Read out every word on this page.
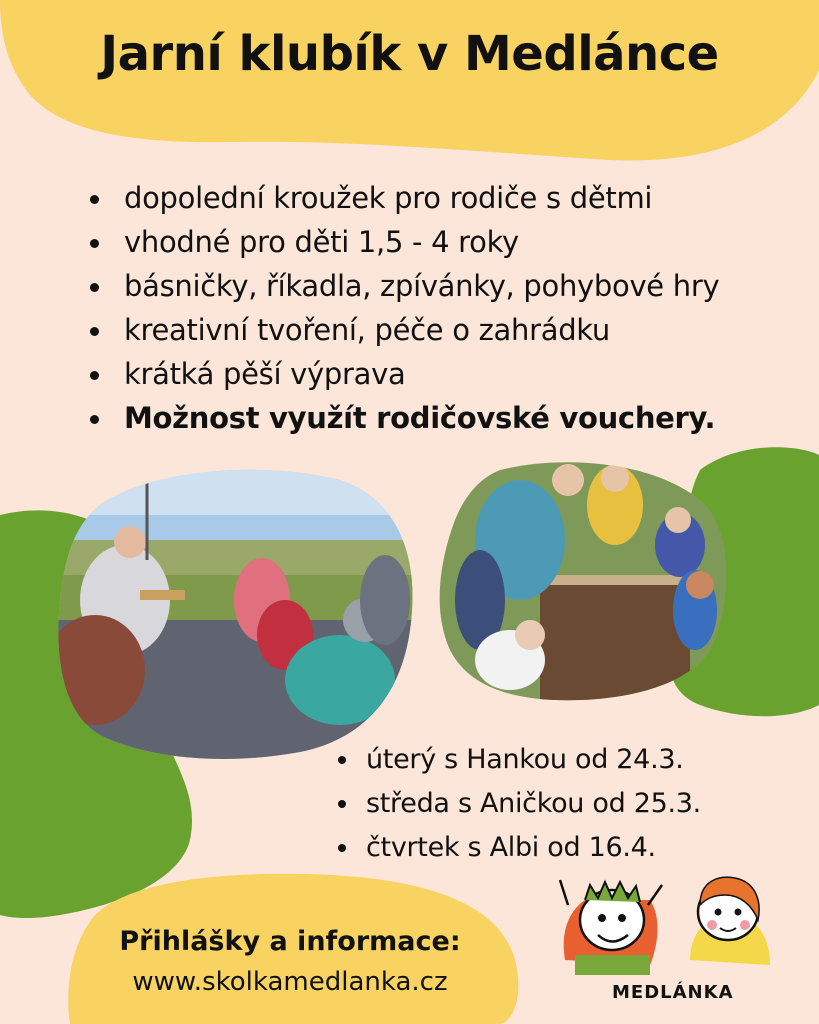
Jarní klubík v Medlánce
dopolední kroužek pro rodiče s dětmi
vhodné pro děti 1,5 - 4 roky
básničky, říkadla, zpívánky, pohybové hry
kreativní tvoření, péče o zahrádku
krátká pěší výprava
Možnost využít rodičovské vouchery.
úterý s Hankou od 24.3.
středa s Aničkou od 25.3.
čtvrtek s Albi od 16.4.
Přihlášky a informace:
www.skolkamedlanka.cz	MEDLÁNKA
